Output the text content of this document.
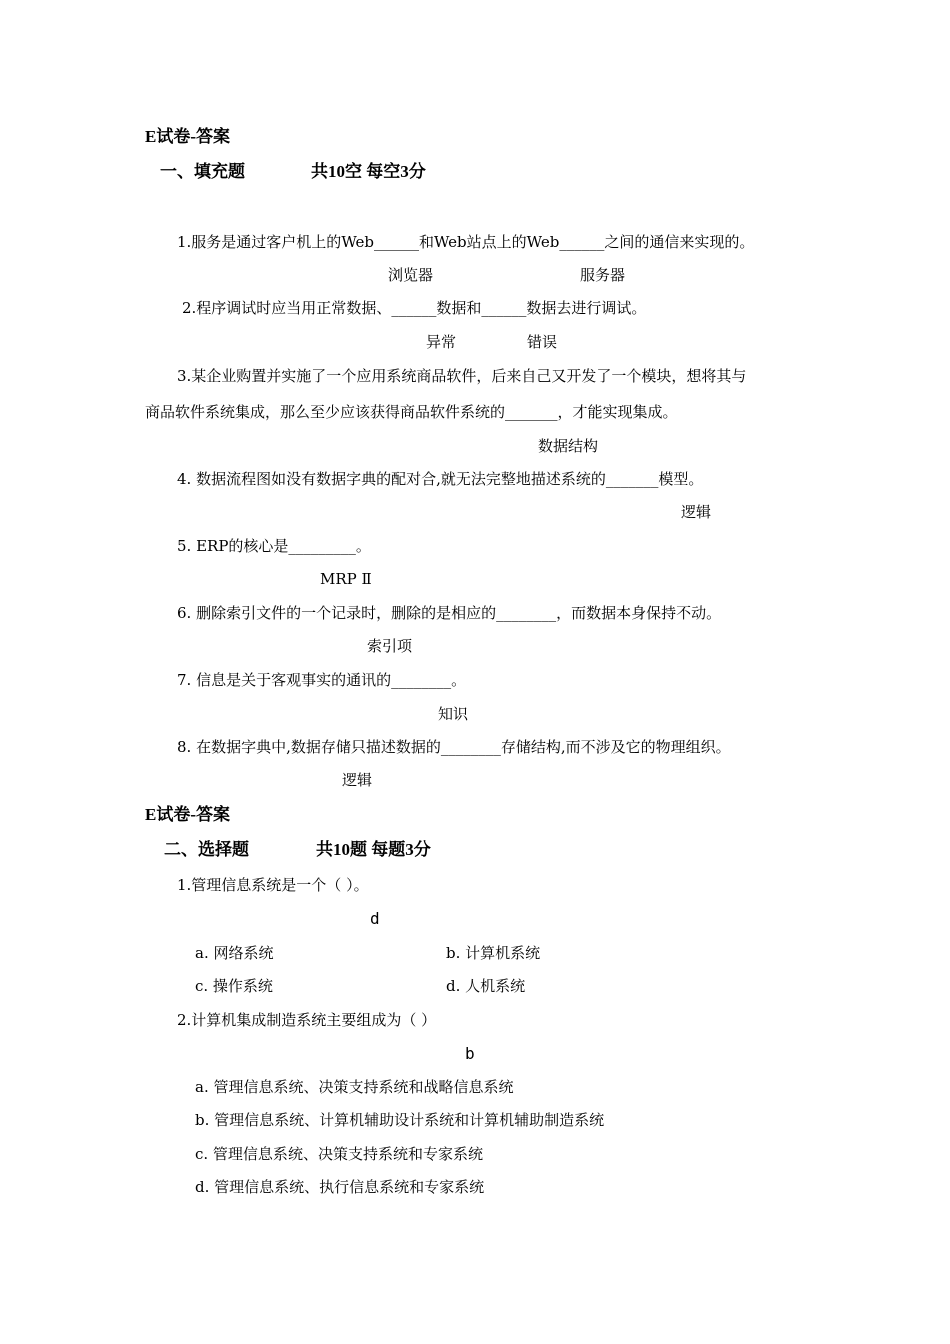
E试卷-答案
一、填充题	共10空 每空3分
1.服务是通过客户机上的Web______和Web站点上的Web______之间的通信来实现的。
浏览器	服务器
2.程序调试时应当用正常数据、______数据和______数据去进行调试。
异常	错误
3.某企业购置并实施了一个应用系统商品软件，后来自己又开发了一个模块，想将其与
商品软件系统集成，那么至少应该获得商品软件系统的_______，才能实现集成。
数据结构
4. 数据流程图如没有数据字典的配对合,就无法完整地描述系统的_______模型。
逻辑
5. ERP的核心是_________。
MRP Ⅱ
6. 删除索引文件的一个记录时，删除的是相应的________，而数据本身保持不动。
索引项
7. 信息是关于客观事实的通讯的________。
知识
8. 在数据字典中,数据存储只描述数据的________存储结构,而不涉及它的物理组织。
逻辑
E试卷-答案
二、选择题	共10题 每题3分
1.管理信息系统是一个（ ）。
d
a. 网络系统	b. 计算机系统
c. 操作系统	d. 人机系统
2.计算机集成制造系统主要组成为（ ）
b
a. 管理信息系统、决策支持系统和战略信息系统
b. 管理信息系统、计算机辅助设计系统和计算机辅助制造系统
c. 管理信息系统、决策支持系统和专家系统
d. 管理信息系统、执行信息系统和专家系统
